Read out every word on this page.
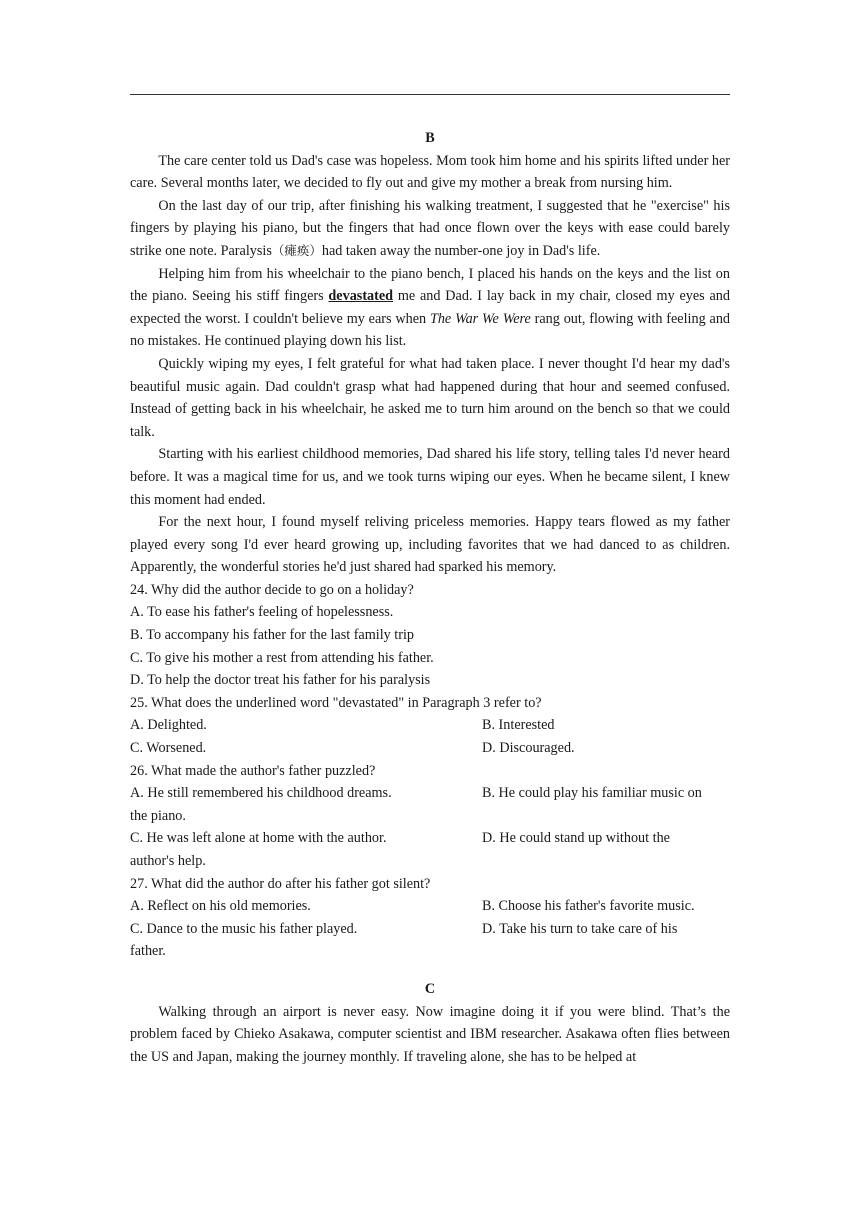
B

The care center told us Dad's case was hopeless. Mom took him home and his spirits lifted under her care. Several months later, we decided to fly out and give my mother a break from nursing him.

On the last day of our trip, after finishing his walking treatment, I suggested that he "exercise" his fingers by playing his piano, but the fingers that had once flown over the keys with ease could barely strike one note. Paralysis（瘫痪）had taken away the number-one joy in Dad's life.

Helping him from his wheelchair to the piano bench, I placed his hands on the keys and the list on the piano. Seeing his stiff fingers devastated me and Dad. I lay back in my chair, closed my eyes and expected the worst. I couldn't believe my ears when The War We Were rang out, flowing with feeling and no mistakes. He continued playing down his list.

Quickly wiping my eyes, I felt grateful for what had taken place. I never thought I'd hear my dad's beautiful music again. Dad couldn't grasp what had happened during that hour and seemed confused. Instead of getting back in his wheelchair, he asked me to turn him around on the bench so that we could talk.

Starting with his earliest childhood memories, Dad shared his life story, telling tales I'd never heard before. It was a magical time for us, and we took turns wiping our eyes. When he became silent, I knew this moment had ended.

For the next hour, I found myself reliving priceless memories. Happy tears flowed as my father played every song I'd ever heard growing up, including favorites that we had danced to as children. Apparently, the wonderful stories he'd just shared had sparked his memory.

24. Why did the author decide to go on a holiday?

A. To ease his father's feeling of hopelessness.

B. To accompany his father for the last family trip

C. To give his mother a rest from attending his father.

D. To help the doctor treat his father for his paralysis

25. What does the underlined word "devastated" in Paragraph 3 refer to?

A. Delighted.	B. Interested
C. Worsened.	D. Discouraged.

26. What made the author's father puzzled?

A. He still remembered his childhood dreams.	B. He could play his familiar music on

the piano.

C. He was left alone at home with the author.	D. He could stand up without the

author's help.

27. What did the author do after his father got silent?

A. Reflect on his old memories.	B. Choose his father's favorite music.
C. Dance to the music his father played.	D. Take his turn to take care of his

father.

C

Walking through an airport is never easy. Now imagine doing it if you were blind. That’s the problem faced by Chieko Asakawa, computer scientist and IBM researcher. Asakawa often flies between the US and Japan, making the journey monthly. If traveling alone, she has to be helped at
